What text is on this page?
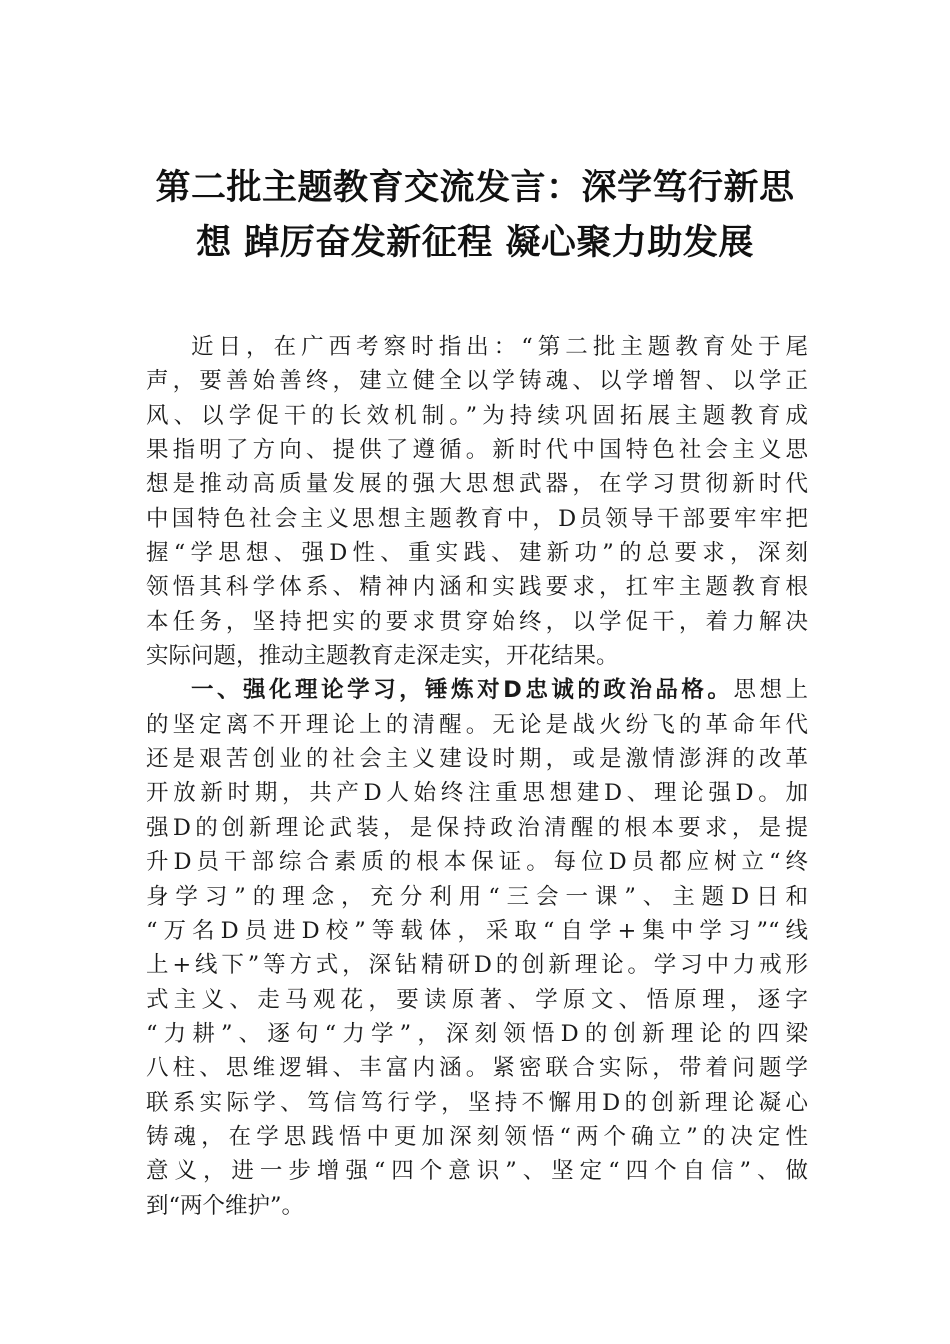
第二批主题教育交流发言：深学笃行新思
想 踔厉奋发新征程 凝心聚力助发展
近日，在广西考察时指出：“第二批主题教育处于尾
声，要善始善终，建立健全以学铸魂、以学增智、以学正
风、以学促干的长效机制。”为持续巩固拓展主题教育成
果指明了方向、提供了遵循。新时代中国特色社会主义思
想是推动高质量发展的强大思想武器，在学习贯彻新时代
中国特色社会主义思想主题教育中，D员领导干部要牢牢把
握“学思想、强D性、重实践、建新功”的总要求，深刻
领悟其科学体系、精神内涵和实践要求，扛牢主题教育根
本任务，坚持把实的要求贯穿始终，以学促干，着力解决
实际问题，推动主题教育走深走实，开花结果。
一、强化理论学习，锤炼对D忠诚的政治品格。思想上
的坚定离不开理论上的清醒。无论是战火纷飞的革命年代
还是艰苦创业的社会主义建设时期，或是激情澎湃的改革
开放新时期，共产D人始终注重思想建D、理论强D。加
强D的创新理论武装，是保持政治清醒的根本要求，是提
升D员干部综合素质的根本保证。每位D员都应树立“终
身学习”的理念，充分利用“三会一课”、主题D日和
“万名D员进D校”等载体，采取“自学+集中学习”“线
上+线下”等方式，深钻精研D的创新理论。学习中力戒形
式主义、走马观花，要读原著、学原文、悟原理，逐字
“力耕”、逐句“力学”，深刻领悟D的创新理论的四梁
八柱、思维逻辑、丰富内涵。紧密联合实际，带着问题学
联系实际学、笃信笃行学，坚持不懈用D的创新理论凝心
铸魂，在学思践悟中更加深刻领悟“两个确立”的决定性
意义，进一步增强“四个意识”、坚定“四个自信”、做
到“两个维护”。
